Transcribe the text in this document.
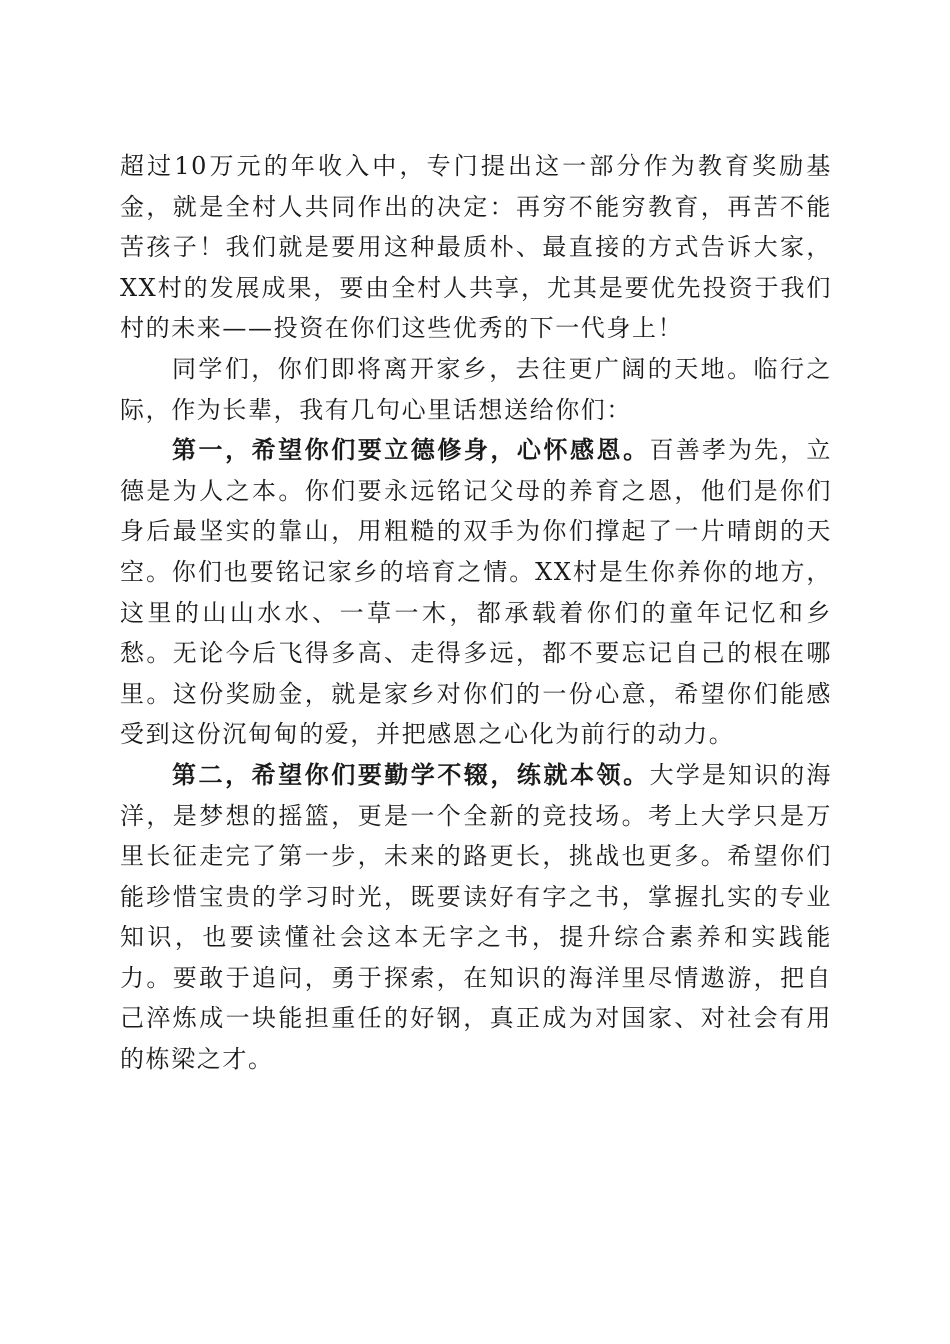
超过10万元的年收入中，专门提出这一部分作为教育奖励基金，就是全村人共同作出的决定：再穷不能穷教育，再苦不能苦孩子！我们就是要用这种最质朴、最直接的方式告诉大家，XX村的发展成果，要由全村人共享，尤其是要优先投资于我们村的未来——投资在你们这些优秀的下一代身上！

同学们，你们即将离开家乡，去往更广阔的天地。临行之际，作为长辈，我有几句心里话想送给你们：

第一，希望你们要立德修身，心怀感恩。百善孝为先，立德是为人之本。你们要永远铭记父母的养育之恩，他们是你们身后最坚实的靠山，用粗糙的双手为你们撑起了一片晴朗的天空。你们也要铭记家乡的培育之情。XX村是生你养你的地方，这里的山山水水、一草一木，都承载着你们的童年记忆和乡愁。无论今后飞得多高、走得多远，都不要忘记自己的根在哪里。这份奖励金，就是家乡对你们的一份心意，希望你们能感受到这份沉甸甸的爱，并把感恩之心化为前行的动力。

第二，希望你们要勤学不辍，练就本领。大学是知识的海洋，是梦想的摇篮，更是一个全新的竞技场。考上大学只是万里长征走完了第一步，未来的路更长，挑战也更多。希望你们能珍惜宝贵的学习时光，既要读好有字之书，掌握扎实的专业知识，也要读懂社会这本无字之书，提升综合素养和实践能力。要敢于追问，勇于探索，在知识的海洋里尽情遨游，把自己淬炼成一块能担重任的好钢，真正成为对国家、对社会有用的栋梁之才。
